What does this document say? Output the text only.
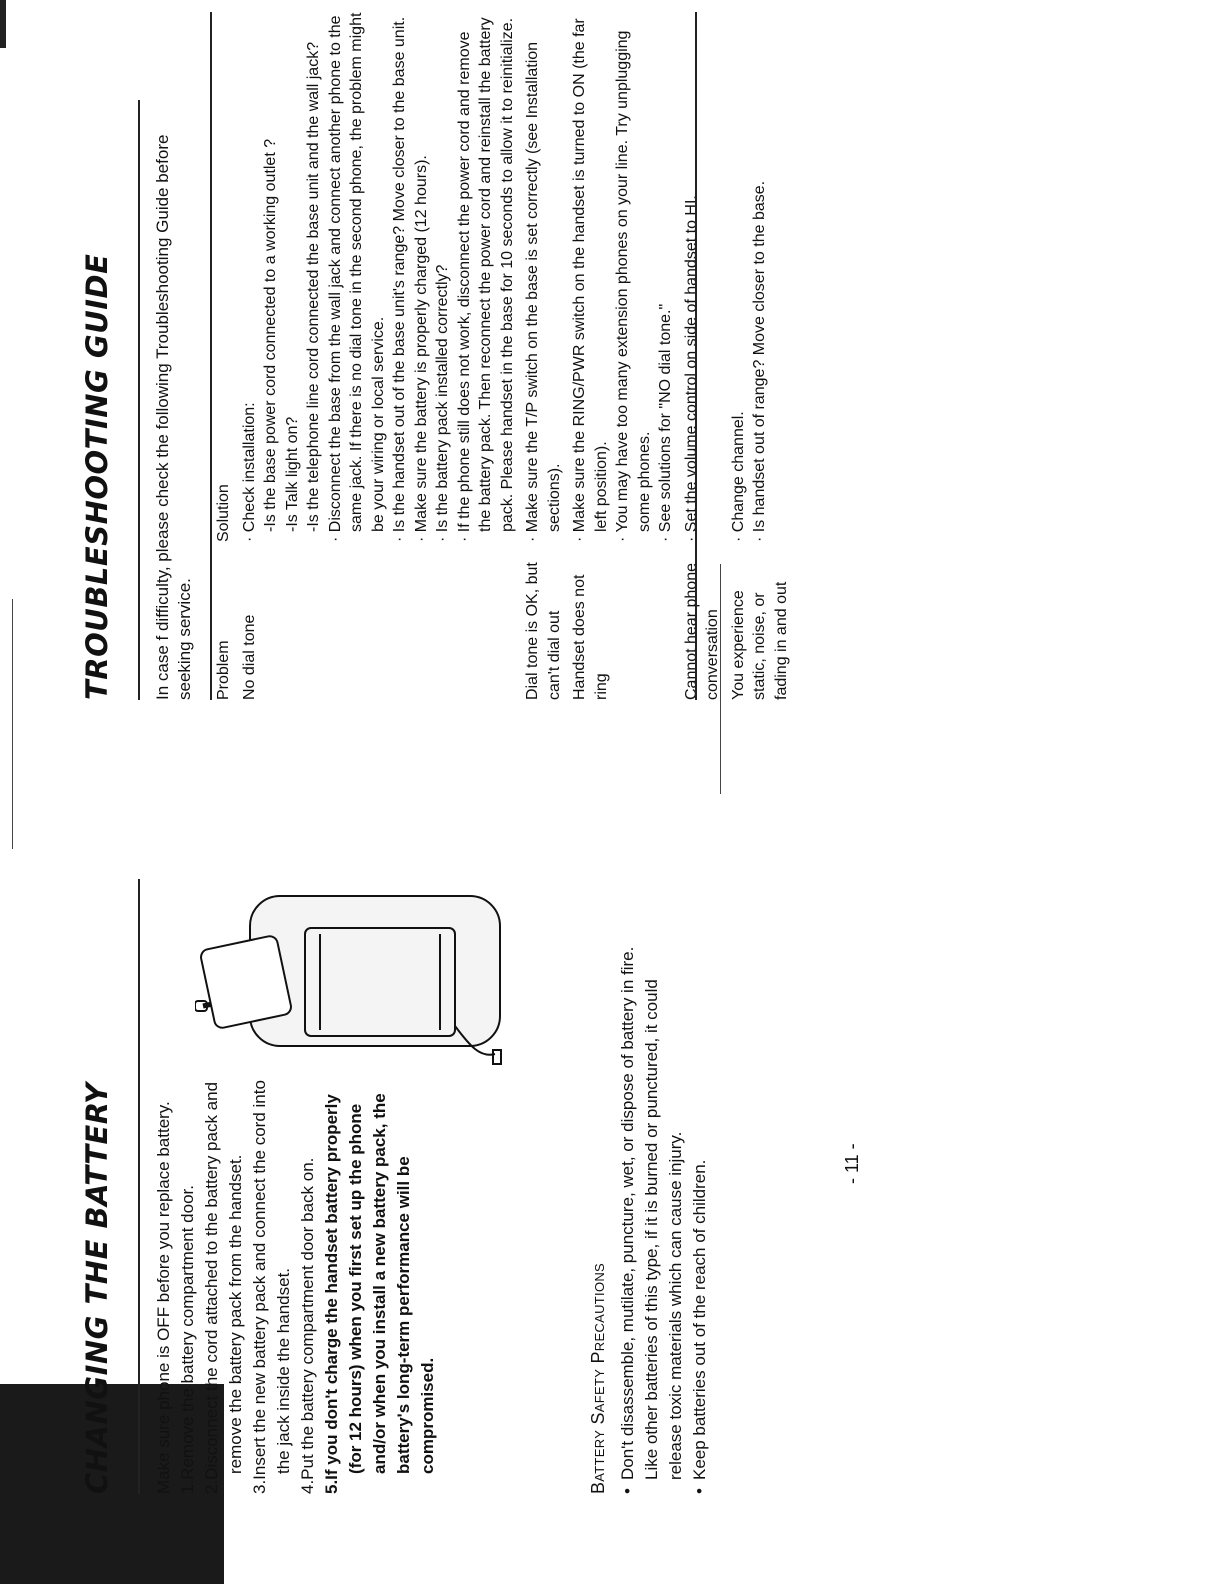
CHANGING THE BATTERY Make sure phone is OFF before you replace battery. 1.Remove the battery compartment door. 2.Disconnect the cord attached to the battery pack and remove the battery pack from the handset. 3.Insert the new battery pack and connect the cord into the jack inside the handset. 4.Put the battery compartment door back on. 5.If you don't charge the handset battery properly (for 12 hours) when you first set up the phone and/or when you install a new battery pack, the battery's long-term performance will be compromised.	Battery Safety Precautions • Don't disassemble, mutilate, puncture, wet, or dispose of battery in fire. Like other batteries of this type, if it is burned or punctured, it could release toxic materials which can cause injury. • Keep batteries out of the reach of children.	- 11 -
TROUBLESHOOTING GUIDE In case f difficulty, please check the following Troubleshooting Guide before seeking service. Problem
Solution
No dial tone
· Check installation: -Is the base power cord connected to a working outlet ? -Is Talk light on? -Is the telephone line cord connected the base unit and the wall jack? · Disconnect the base from the wall jack and connect another phone to the same jack. If there is no dial tone in the second phone, the problem might be your wiring or local service. · Is the handset out of the base unit's range? Move closer to the base unit. · Make sure the battery is properly charged (12 hours). · Is the battery pack installed correctly? · If the phone still does not work, disconnect the power cord and remove the battery pack. Then reconnect the power cord and reinstall the battery pack. Please handset in the base for 10 seconds to allow it to reinitialize.
Dial tone is OK, but can't dial out
· Make sure the T/P switch on the base is set correctly (see Installation sections).
Handset does not ring
· Make sure the RING/PWR switch on the handset is turned to ON (the far left position). · You may have too many extension phones on your line. Try unplugging some phones. · See solutions for "NO dial tone."
Cannot hear phone conversation
· Set the volume control on side of handset to HI.
You experience static, noise, or fading in and out
· Change channel. · Is handset out of range? Move closer to the base.
